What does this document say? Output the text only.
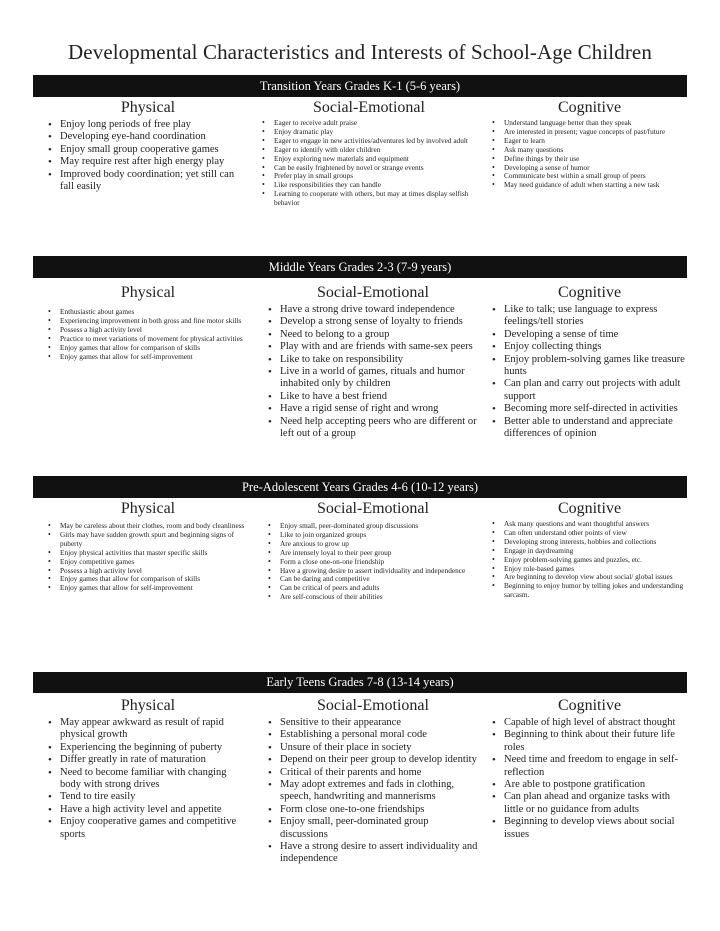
Developmental Characteristics and Interests of School-Age Children
Transition Years Grades K-1 (5-6 years)
Physical
• Enjoy long periods of free play
• Developing eye-hand coordination
• Enjoy small group cooperative games
• May require rest after high energy play
• Improved body coordination; yet still can fall easily
Social-Emotional
• Eager to receive adult praise
• Enjoy dramatic play
• Eager to engage in new activities/adventures led by involved adult
• Eager to identify with older children
• Enjoy exploring new materials and equipment
• Can be easily frightened by novel or strange events
• Prefer play in small groups
• Like responsibilities they can handle
• Learning to cooperate with others, but may at times display selfish behavior
Cognitive
• Understand language better than they speak
• Are interested in present; vague concepts of past/future
• Eager to learn
• Ask many questions
• Define things by their use
• Developing a sense of humor
• Communicate best within a small group of peers
• May need guidance of adult when starting a new task
Middle Years Grades 2-3 (7-9 years)
Physical
• Enthusiastic about games
• Experiencing improvement in both gross and fine motor skills
• Possess a high activity level
• Practice to meet variations of movement for physical activities
• Enjoy games that allow for comparison of skills
• Enjoy games that allow for self-improvement
Social-Emotional
• Have a strong drive toward independence
• Develop a strong sense of loyalty to friends
• Need to belong to a group
• Play with and are friends with same-sex peers
• Like to take on responsibility
• Live in a world of games, rituals and humor inhabited only by children
• Like to have a best friend
• Have a rigid sense of right and wrong
• Need help accepting peers who are different or left out of a group
Cognitive
• Like to talk; use language to express feelings/tell stories
• Developing a sense of time
• Enjoy collecting things
• Enjoy problem-solving games like treasure hunts
• Can plan and carry out projects with adult support
• Becoming more self-directed in activities
• Better able to understand and appreciate differences of opinion
Pre-Adolescent Years Grades 4-6 (10-12 years)
Physical
• May be careless about their clothes, room and body cleanliness
• Girls may have sudden growth spurt and beginning signs of puberty
• Enjoy physical activities that master specific skills
• Enjoy competitive games
• Possess a high activity level
• Enjoy games that allow for comparison of skills
• Enjoy games that allow for self-improvement
Social-Emotional
• Enjoy small, peer-dominated group discussions
• Like to join organized groups
• Are anxious to grow up
• Are intensely loyal to their peer group
• Form a close one-on-one friendship
• Have a growing desire to assert individuality and independence
• Can be daring and competitive
• Can be critical of peers and adults
• Are self-conscious of their abilities
Cognitive
• Ask many questions and want thoughtful answers
• Can often understand other points of view
• Developing strong interests, hobbies and collections
• Engage in daydreaming
• Enjoy problem-solving games and puzzles, etc.
• Enjoy role-based games
• Are beginning to develop view about social/ global issues
• Beginning to enjoy humor by telling jokes and understanding sarcasm.
Early Teens Grades 7-8 (13-14 years)
Physical
• May appear awkward as result of rapid physical growth
• Experiencing the beginning of puberty
• Differ greatly in rate of maturation
• Need to become familiar with changing body with strong drives
• Tend to tire easily
• Have a high activity level and appetite
• Enjoy cooperative games and competitive sports
Social-Emotional
• Sensitive to their appearance
• Establishing a personal moral code
• Unsure of their place in society
• Depend on their peer group to develop identity
• Critical of their parents and home
• May adopt extremes and fads in clothing, speech, handwriting and mannerisms
• Form close one-to-one friendships
• Enjoy small, peer-dominated group discussions
• Have a strong desire to assert individuality and independence
Cognitive
• Capable of high level of abstract thought
• Beginning to think about their future life roles
• Need time and freedom to engage in self-reflection
• Are able to postpone gratification
• Can plan ahead and organize tasks with little or no guidance from adults
• Beginning to develop views about social issues
